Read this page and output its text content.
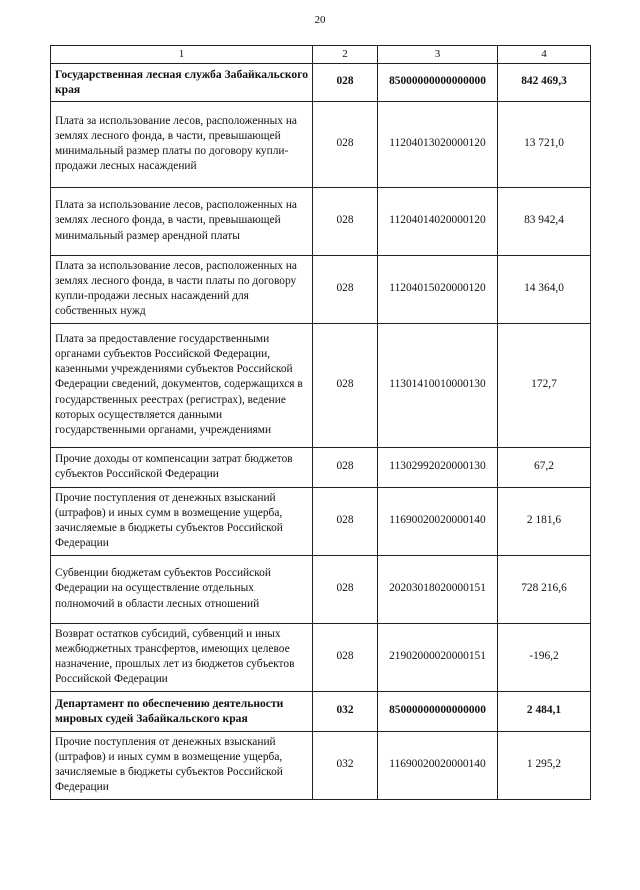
20
1	2	3	4
Государственная лесная служба Забайкальского края	028	85000000000000000	842 469,3
Плата за использование лесов, расположенных на землях лесного фонда, в части, превышающей минимальный размер платы по договору купли-продажи лесных насаждений	028	11204013020000120	13 721,0
Плата за использование лесов, расположенных на землях лесного фонда, в части, превышающей минимальный размер арендной платы	028	11204014020000120	83 942,4
Плата за использование лесов, расположенных на землях лесного фонда, в части платы по договору купли-продажи лесных насаждений для собственных нужд	028	11204015020000120	14 364,0
Плата за предоставление государственными органами субъектов Российской Федерации, казенными учреждениями субъектов Российской Федерации сведений, документов, содержащихся в государственных реестрах (регистрах), ведение которых осуществляется данными государственными органами, учреждениями	028	11301410010000130	172,7
Прочие доходы от компенсации затрат бюджетов субъектов Российской Федерации	028	11302992020000130	67,2
Прочие поступления от денежных взысканий (штрафов) и иных сумм в возмещение ущерба, зачисляемые в бюджеты субъектов Российской Федерации	028	11690020020000140	2 181,6
Субвенции бюджетам субъектов Российской Федерации на осуществление отдельных полномочий в области лесных отношений	028	20203018020000151	728 216,6
Возврат остатков субсидий, субвенций и иных межбюджетных трансфертов, имеющих целевое назначение, прошлых лет из бюджетов субъектов Российской Федерации	028	21902000020000151	-196,2
Департамент по обеспечению деятельности мировых судей Забайкальского края	032	85000000000000000	2 484,1
Прочие поступления от денежных взысканий (штрафов) и иных сумм в возмещение ущерба, зачисляемые в бюджеты субъектов Российской Федерации	032	11690020020000140	1 295,2
